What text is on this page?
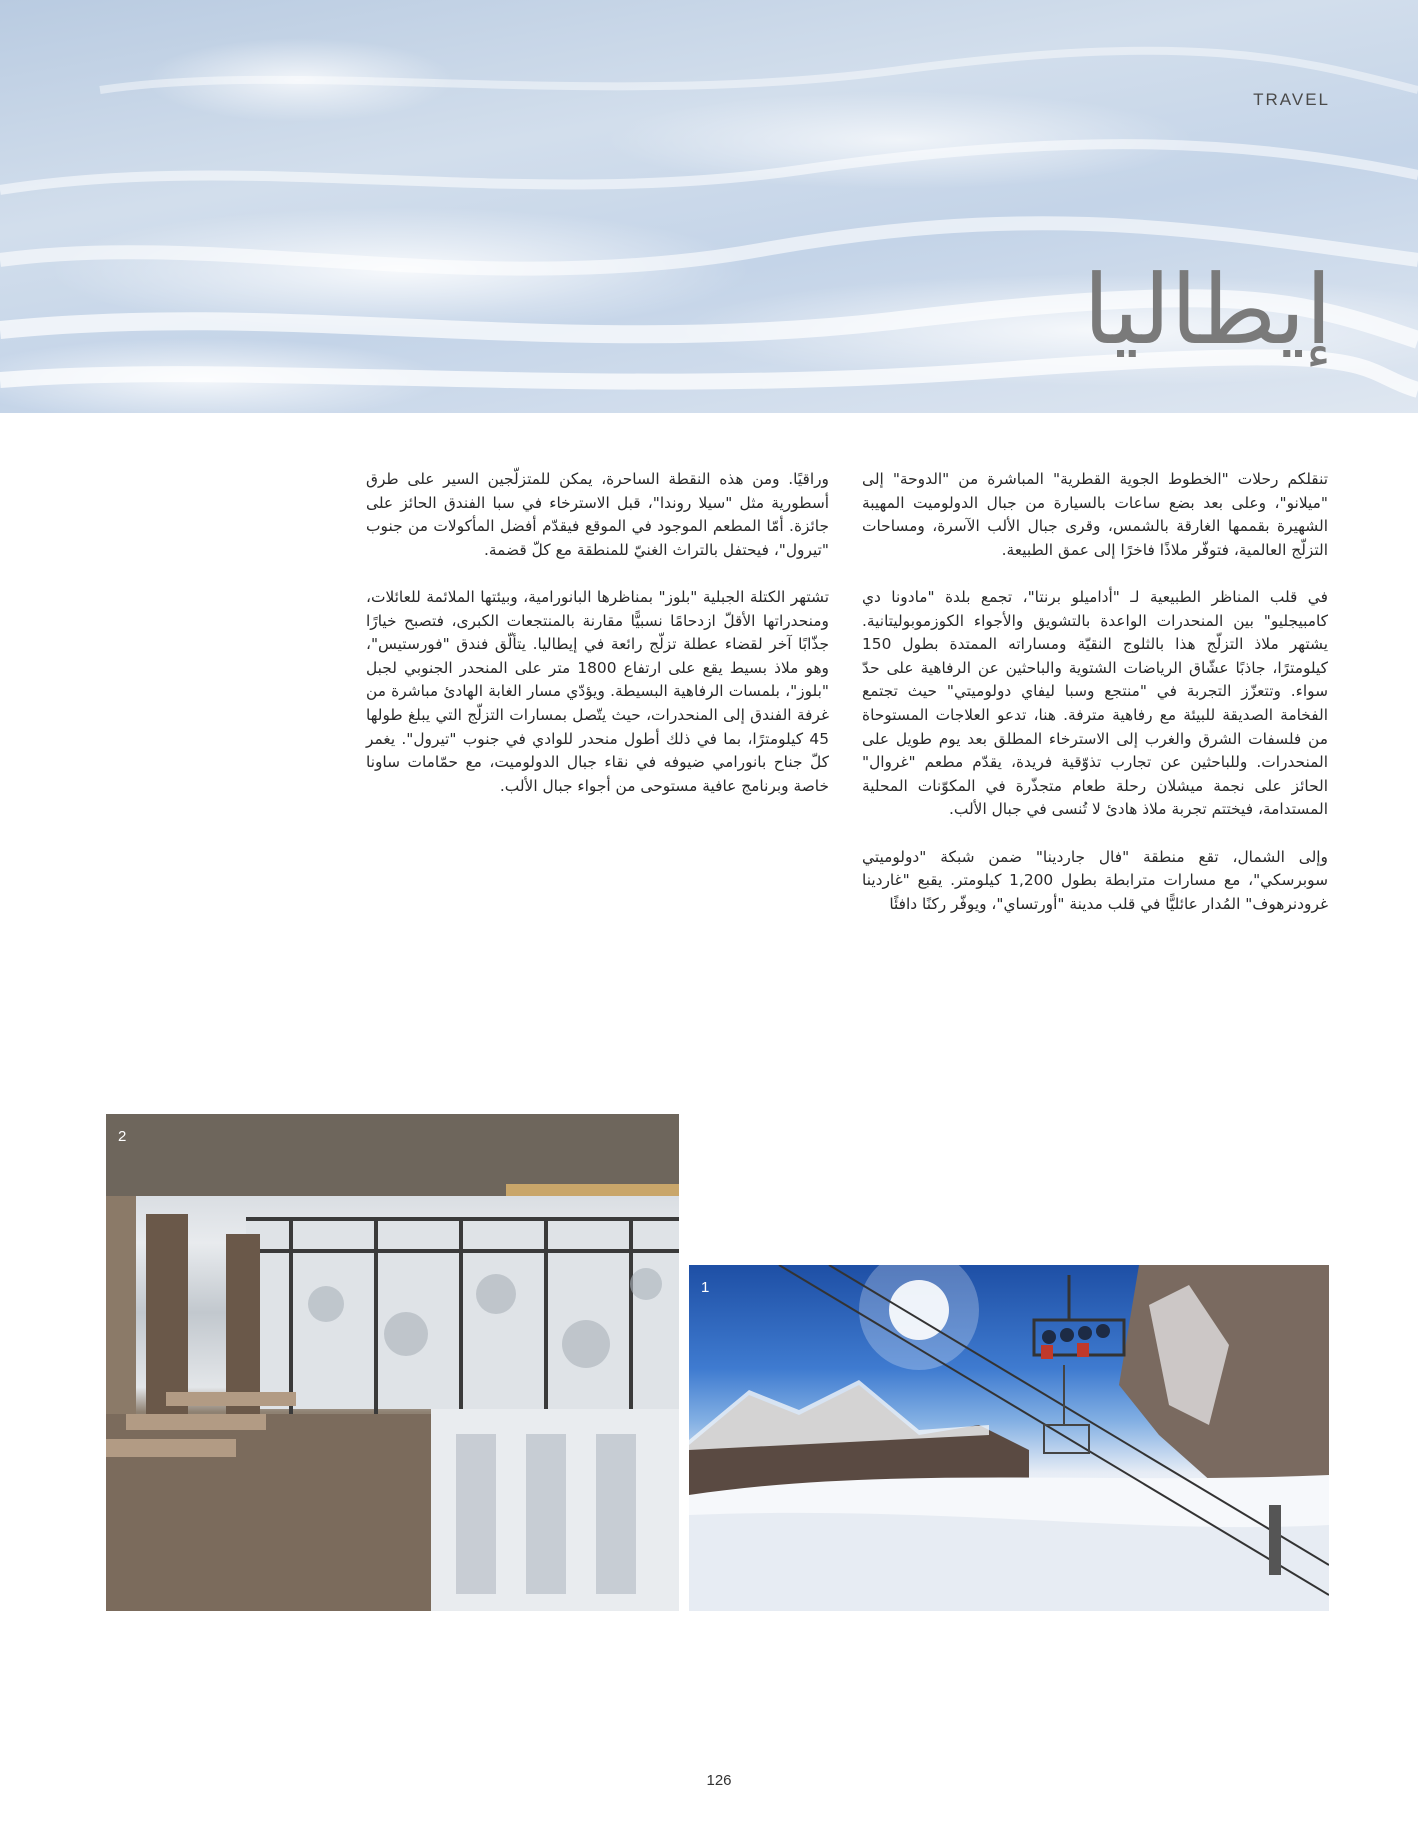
TRAVEL
إيطاليا

تنقلكم رحلات "الخطوط الجوية القطرية" المباشرة من "الدوحة" إلى "ميلانو"، وعلى بعد بضع ساعات بالسيارة من جبال الدولوميت المهيبة الشهيرة بقممها الغارقة بالشمس، وقرى جبال الألب الآسرة، ومساحات التزلّج العالمية، فتوفّر ملاذًا فاخرًا إلى عمق الطبيعة.

في قلب المناظر الطبيعية لـ "أداميلو برنتا"، تجمع بلدة "مادونا دي كامبيجليو" بين المنحدرات الواعدة بالتشويق والأجواء الكوزموبوليتانية. يشتهر ملاذ التزلّج هذا بالثلوج النقيّة ومساراته الممتدة بطول 150 كيلومترًا، جاذبًا عشّاق الرياضات الشتوية والباحثين عن الرفاهية على حدّ سواء. وتتعزّز التجربة في "منتجع وسبا ليفاي دولوميتي" حيث تجتمع الفخامة الصديقة للبيئة مع رفاهية مترفة. هنا، تدعو العلاجات المستوحاة من فلسفات الشرق والغرب إلى الاسترخاء المطلق بعد يوم طويل على المنحدرات. وللباحثين عن تجارب تذوّقية فريدة، يقدّم مطعم "غروال" الحائز على نجمة ميشلان رحلة طعام متجذّرة في المكوّنات المحلية المستدامة، فيختتم تجربة ملاذ هادئ لا تُنسى في جبال الألب.

وإلى الشمال، تقع منطقة "فال جاردينا" ضمن شبكة "دولوميتي سوبرسكي"، مع مسارات مترابطة بطول 1,200 كيلومتر. يقبع "غاردينا غرودنرهوف" المُدار عائليًّا في قلب مدينة "أورتساي"، ويوفّر ركنًا دافئًا

وراقيًا. ومن هذه النقطة الساحرة، يمكن للمتزلّجين السير على طرق أسطورية مثل "سيلا روندا"، قبل الاسترخاء في سبا الفندق الحائز على جائزة. أمّا المطعم الموجود في الموقع فيقدّم أفضل المأكولات من جنوب "تيرول"، فيحتفل بالتراث الغنيّ للمنطقة مع كلّ قضمة.

تشتهر الكتلة الجبلية "بلوز" بمناظرها البانورامية، وبيئتها الملائمة للعائلات، ومنحدراتها الأقلّ ازدحامًا نسبيًّا مقارنة بالمنتجعات الكبرى، فتصبح خيارًا جذّابًا آخر لقضاء عطلة تزلّج رائعة في إيطاليا. يتألّق فندق "فورستيس"، وهو ملاذ بسيط يقع على ارتفاع 1800 متر على المنحدر الجنوبي لجبل "بلوز"، بلمسات الرفاهية البسيطة. ويؤدّي مسار الغابة الهادئ مباشرة من غرفة الفندق إلى المنحدرات، حيث يتّصل بمسارات التزلّج التي يبلغ طولها 45 كيلومترًا، بما في ذلك أطول منحدر للوادي في جنوب "تيرول". يغمر كلّ جناح بانورامي ضيوفه في نقاء جبال الدولوميت، مع حمّامات ساونا خاصة وبرنامج عافية مستوحى من أجواء جبال الألب.

2
1
126
